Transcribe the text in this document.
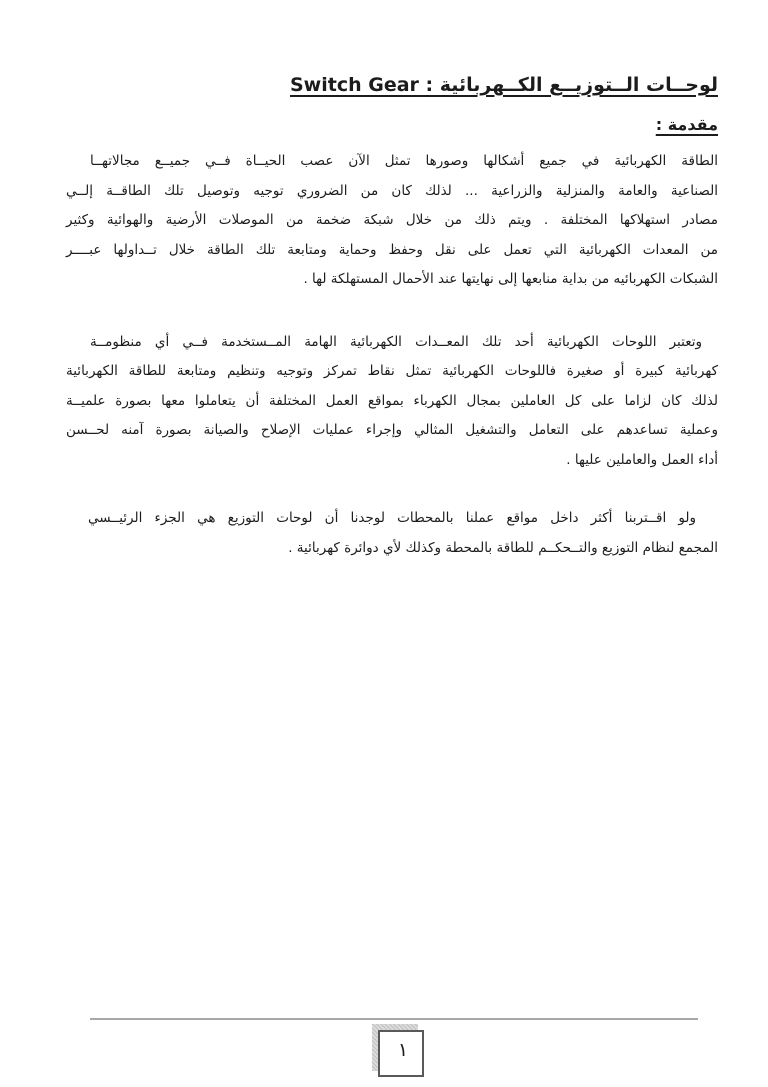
لوحــات الــتوزيــع الكــهربائية : Switch Gear
مقدمة :
الطاقة الكهربائية في جميع أشكالها وصورها تمثل الآن عصب الحيــاة فــي جميــع مجالاتهــا
الصناعية والعامة والمنزلية والزراعية ... لذلك كان من الضروري توجيه وتوصيل تلك الطاقــة إلــي
مصادر استهلاكها المختلفة . ويتم ذلك من خلال شبكة ضخمة من الموصلات الأرضية والهوائية وكثير
من المعدات الكهربائية التي تعمل على نقل وحفظ وحماية ومتابعة تلك الطاقة خلال تــداولها عبــــر
الشبكات الكهربائيه من بداية منابعها إلى نهايتها عند الأحمال المستهلكة لها .
وتعتبر اللوحات الكهربائية أحد تلك المعــدات الكهربائية الهامة المــستخدمة فــي أي منظومــة
كهربائية كبيرة أو صغيرة فاللوحات الكهربائية تمثل نقاط تمركز وتوجيه وتنظيم ومتابعة للطاقة الكهربائية
لذلك كان لزاما على كل العاملين بمجال الكهرباء بمواقع العمل المختلفة أن يتعاملوا معها بصورة علميــة
وعملية تساعدهم على التعامل والتشغيل المثالي وإجراء عمليات الإصلاح والصيانة بصورة آمنه لحــسن
أداء العمل والعاملين عليها .
ولو اقــتربنا أكثر داخل مواقع عملنا بالمحطات لوجدنا أن لوحات التوزيع هي الجزء الرئيــسي
المجمع لنظام التوزيع والتــحكــم للطاقة بالمحطة وكذلك لأي دوائرة كهربائية .
١
